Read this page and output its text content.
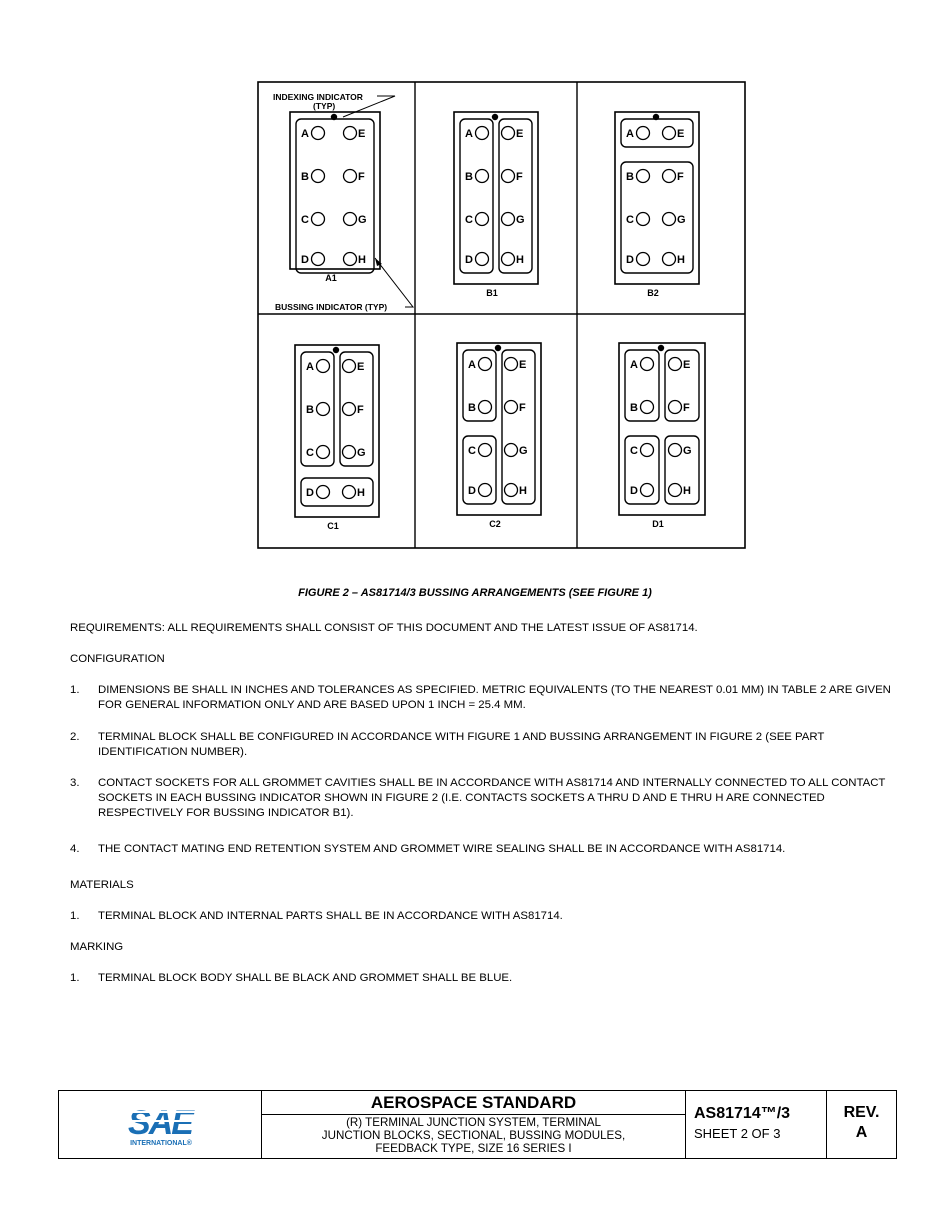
INDEXING INDICATOR
(TYP)
BUSSING INDICATOR (TYP)
A	E
B	F
C	G
D	H
A1
A	E
B	F
C	G
D	H
B1
A	E
B	F
C	G
D	H
B2
A	E
B	F
C	G
D	H
C1
A	E
B	F
C	G
D	H
C2
A	E
B	F
C	G
D	H
D1
FIGURE 2 – AS81714/3 BUSSING ARRANGEMENTS (SEE FIGURE 1)
REQUIREMENTS: ALL REQUIREMENTS SHALL CONSIST OF THIS DOCUMENT AND THE LATEST ISSUE OF AS81714.
CONFIGURATION
1. DIMENSIONS BE SHALL IN INCHES AND TOLERANCES AS SPECIFIED. METRIC EQUIVALENTS (TO THE NEAREST 0.01 MM) IN TABLE 2 ARE GIVEN FOR GENERAL INFORMATION ONLY AND ARE BASED UPON 1 INCH = 25.4 MM.
2. TERMINAL BLOCK SHALL BE CONFIGURED IN ACCORDANCE WITH FIGURE 1 AND BUSSING ARRANGEMENT IN FIGURE 2 (SEE PART IDENTIFICATION NUMBER).
3. CONTACT SOCKETS FOR ALL GROMMET CAVITIES SHALL BE IN ACCORDANCE WITH AS81714 AND INTERNALLY CONNECTED TO ALL CONTACT SOCKETS IN EACH BUSSING INDICATOR SHOWN IN FIGURE 2 (I.E. CONTACTS SOCKETS A THRU D AND E THRU H ARE CONNECTED RESPECTIVELY FOR BUSSING INDICATOR B1).
4. THE CONTACT MATING END RETENTION SYSTEM AND GROMMET WIRE SEALING SHALL BE IN ACCORDANCE WITH AS81714.
MATERIALS
1. TERMINAL BLOCK AND INTERNAL PARTS SHALL BE IN ACCORDANCE WITH AS81714.
MARKING
1. TERMINAL BLOCK BODY SHALL BE BLACK AND GROMMET SHALL BE BLUE.
SAE
INTERNATIONAL®
AEROSPACE STANDARD
(R) TERMINAL JUNCTION SYSTEM, TERMINAL
JUNCTION BLOCKS, SECTIONAL, BUSSING MODULES,
FEEDBACK TYPE, SIZE 16 SERIES I
AS81714™/3
SHEET 2 OF 3
REV.
A
